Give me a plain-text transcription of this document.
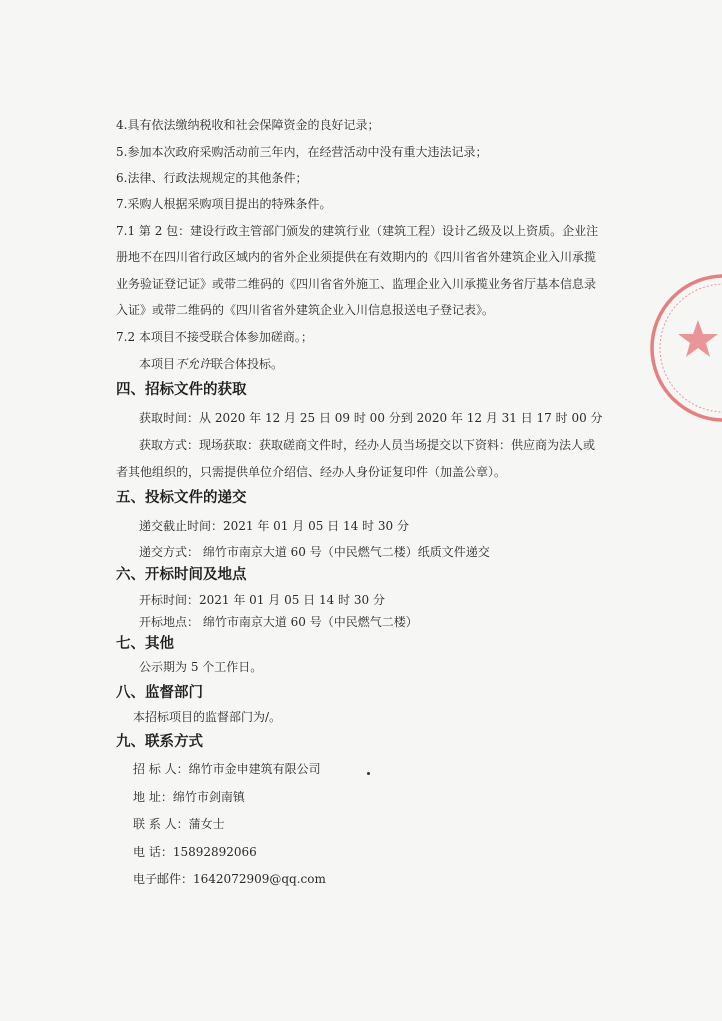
4.具有依法缴纳税收和社会保障资金的良好记录；
5.参加本次政府采购活动前三年内，在经营活动中没有重大违法记录；
6.法律、行政法规规定的其他条件；
7.采购人根据采购项目提出的特殊条件。
7.1 第 2 包：建设行政主管部门颁发的建筑行业（建筑工程）设计乙级及以上资质。企业注
册地不在四川省行政区域内的省外企业须提供在有效期内的《四川省省外建筑企业入川承揽
业务验证登记证》或带二维码的《四川省省外施工、监理企业入川承揽业务省厅基本信息录
入证》或带二维码的《四川省省外建筑企业入川信息报送电子登记表》。
7.2 本项目不接受联合体参加磋商。；
本项目不允许联合体投标。
四、招标文件的获取
获取时间：从 2020 年 12 月 25 日 09 时 00 分到 2020 年 12 月 31 日 17 时 00 分
获取方式：现场获取：获取磋商文件时，经办人员当场提交以下资料：供应商为法人或
者其他组织的，只需提供单位介绍信、经办人身份证复印件（加盖公章）。
五、投标文件的递交
递交截止时间：2021 年 01 月 05 日 14 时 30 分
递交方式： 绵竹市南京大道 60 号（中民燃气二楼）纸质文件递交
六、开标时间及地点
开标时间：2021 年 01 月 05 日 14 时 30 分
开标地点： 绵竹市南京大道 60 号（中民燃气二楼）
七、其他
公示期为 5 个工作日。
八、监督部门
本招标项目的监督部门为/。
九、联系方式
招 标 人：绵竹市金申建筑有限公司
地 址：绵竹市剑南镇
联 系 人：蒲女士
电 话：15892892066
电子邮件：1642072909@qq.com
